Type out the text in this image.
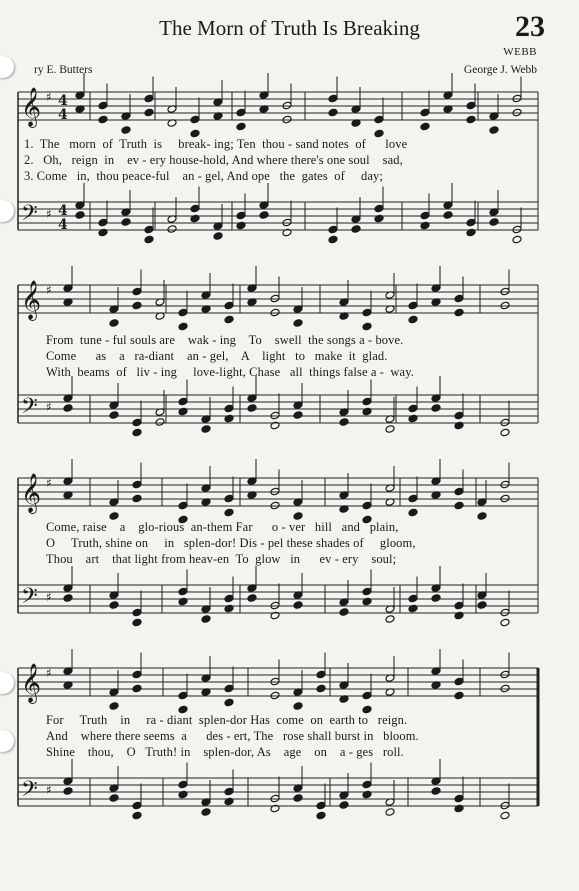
The Morn of Truth Is Breaking	23
WEBB
ry E. Butters	George J. Webb
𝄞
𝄢
♯
♯
4
4
4
4
𝄞
𝄢
♯
♯
𝄞
𝄢
♯
♯
𝄞
𝄢
♯
♯
1.  The   morn  of  Truth  is     break- ing; Ten  thou - sand notes  of      love
2.   Oh,   reign  in    ev - ery house-hold, And where there's one soul    sad,
3. Come   in,  thou peace-ful    an - gel, And ope   the  gates  of     day;
From  tune - ful souls are    wak - ing    To    swell  the songs a - bove.
Come      as    a   ra-diant    an - gel,    A    light   to   make  it  glad.
With  beams  of   liv - ing     love-light, Chase   all  things false a -  way.
Come, raise    a    glo-rious  an-them Far      o - ver   hill   and   plain,
O     Truth, shine on     in   splen-dor! Dis - pel these shades of     gloom,
Thou    art    that light from heav-en  To  glow   in      ev - ery    soul;
For     Truth    in     ra - diant  splen-dor Has  come  on  earth to   reign.
And    where there seems  a      des - ert, The   rose shall burst in   bloom.
Shine    thou,    O   Truth! in    splen-dor, As    age    on    a - ges   roll.
